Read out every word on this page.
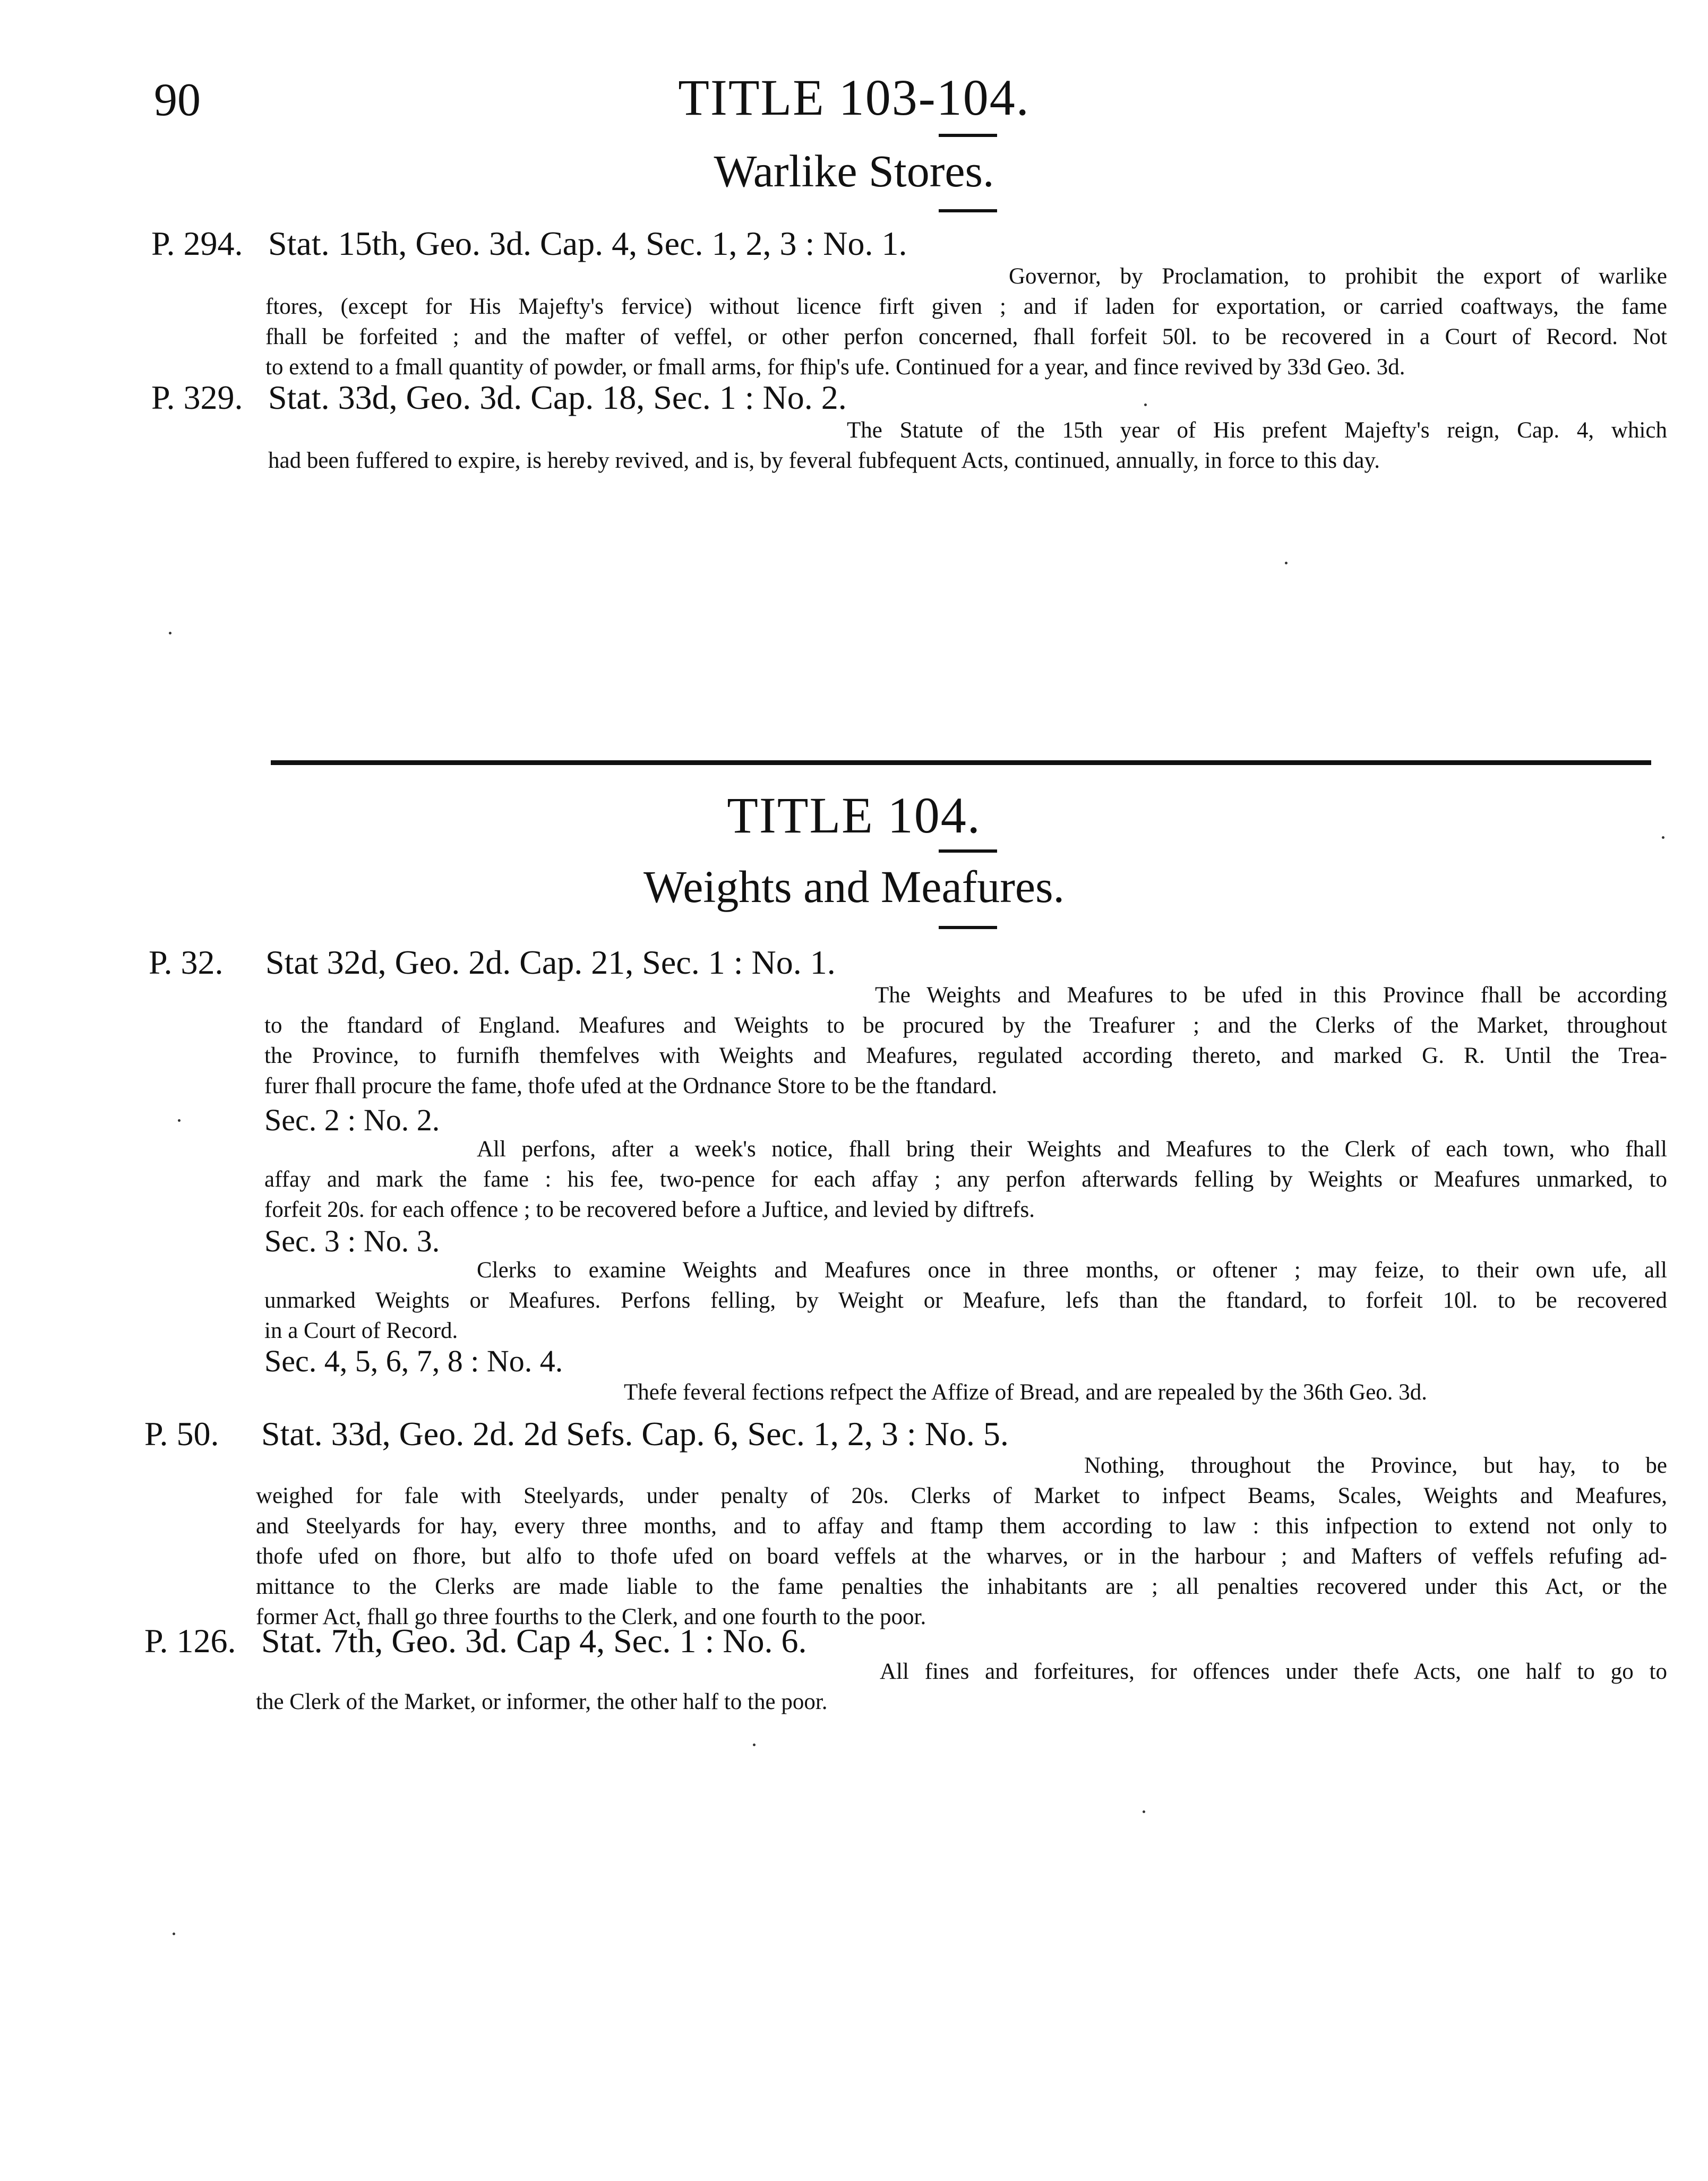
90	TITLE 103-104.
Warlike Stores.
P. 294. Stat. 15th, Geo. 3d. Cap. 4, Sec. 1, 2, 3 : No. 1.
Governor, by Proclamation, to prohibit the export of warlike
ftores, (except for His Majefty's fervice) without licence firft given ; and if laden for exportation, or carried coaftways, the fame
fhall be forfeited ; and the mafter of veffel, or other perfon concerned, fhall forfeit 50l. to be recovered in a Court of Record. Not
to extend to a fmall quantity of powder, or fmall arms, for fhip's ufe. Continued for a year, and fince revived by 33d Geo. 3d.
P. 329. Stat. 33d, Geo. 3d. Cap. 18, Sec. 1 : No. 2.
The Statute of the 15th year of His prefent Majefty's reign, Cap. 4, which
had been fuffered to expire, is hereby revived, and is, by feveral fubfequent Acts, continued, annually, in force to this day.
TITLE 104.
Weights and Meafures.
P. 32. Stat 32d, Geo. 2d. Cap. 21, Sec. 1 : No. 1.
The Weights and Meafures to be ufed in this Province fhall be according
to the ftandard of England. Meafures and Weights to be procured by the Treafurer ; and the Clerks of the Market, throughout
the Province, to furnifh themfelves with Weights and Meafures, regulated according thereto, and marked G. R. Until the Trea-
furer fhall procure the fame, thofe ufed at the Ordnance Store to be the ftandard.
Sec. 2 : No. 2.
All perfons, after a week's notice, fhall bring their Weights and Meafures to the Clerk of each town, who fhall
affay and mark the fame : his fee, two-pence for each affay ; any perfon afterwards felling by Weights or Meafures unmarked, to
forfeit 20s. for each offence ; to be recovered before a Juftice, and levied by diftrefs.
Sec. 3 : No. 3.
Clerks to examine Weights and Meafures once in three months, or oftener ; may feize, to their own ufe, all
unmarked Weights or Meafures. Perfons felling, by Weight or Meafure, lefs than the ftandard, to forfeit 10l. to be recovered
in a Court of Record.
Sec. 4, 5, 6, 7, 8 : No. 4.
Thefe feveral fections refpect the Affize of Bread, and are repealed by the 36th Geo. 3d.
P. 50. Stat. 33d, Geo. 2d. 2d Sefs. Cap. 6, Sec. 1, 2, 3 : No. 5.
Nothing, throughout the Province, but hay, to be
weighed for fale with Steelyards, under penalty of 20s. Clerks of Market to infpect Beams, Scales, Weights and Meafures,
and Steelyards for hay, every three months, and to affay and ftamp them according to law : this infpection to extend not only to
thofe ufed on fhore, but alfo to thofe ufed on board veffels at the wharves, or in the harbour ; and Mafters of veffels refufing ad-
mittance to the Clerks are made liable to the fame penalties the inhabitants are ; all penalties recovered under this Act, or the
former Act, fhall go three fourths to the Clerk, and one fourth to the poor.
P. 126. Stat. 7th, Geo. 3d. Cap 4, Sec. 1 : No. 6.
All fines and forfeitures, for offences under thefe Acts, one half to go to
the Clerk of the Market, or informer, the other half to the poor.
